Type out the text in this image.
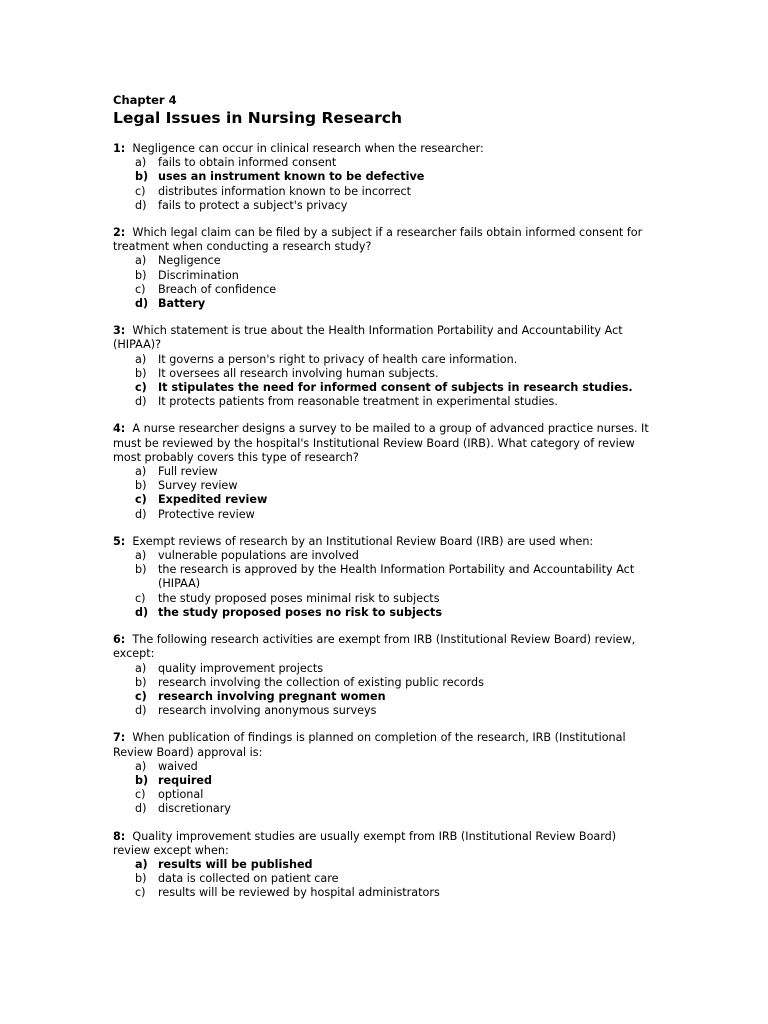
Chapter 4
Legal Issues in Nursing Research
1: Negligence can occur in clinical research when the researcher:
a) fails to obtain informed consent
b) uses an instrument known to be defective
c) distributes information known to be incorrect
d) fails to protect a subject's privacy
2: Which legal claim can be filed by a subject if a researcher fails obtain informed consent for treatment when conducting a research study?
a) Negligence
b) Discrimination
c) Breach of confidence
d) Battery
3: Which statement is true about the Health Information Portability and Accountability Act (HIPAA)?
a) It governs a person's right to privacy of health care information.
b) It oversees all research involving human subjects.
c) It stipulates the need for informed consent of subjects in research studies.
d) It protects patients from reasonable treatment in experimental studies.
4: A nurse researcher designs a survey to be mailed to a group of advanced practice nurses. It must be reviewed by the hospital's Institutional Review Board (IRB). What category of review most probably covers this type of research?
a) Full review
b) Survey review
c) Expedited review
d) Protective review
5: Exempt reviews of research by an Institutional Review Board (IRB) are used when:
a) vulnerable populations are involved
b) the research is approved by the Health Information Portability and Accountability Act (HIPAA)
c) the study proposed poses minimal risk to subjects
d) the study proposed poses no risk to subjects
6: The following research activities are exempt from IRB (Institutional Review Board) review, except:
a) quality improvement projects
b) research involving the collection of existing public records
c) research involving pregnant women
d) research involving anonymous surveys
7: When publication of findings is planned on completion of the research, IRB (Institutional Review Board) approval is:
a) waived
b) required
c) optional
d) discretionary
8: Quality improvement studies are usually exempt from IRB (Institutional Review Board) review except when:
a) results will be published
b) data is collected on patient care
c) results will be reviewed by hospital administrators
